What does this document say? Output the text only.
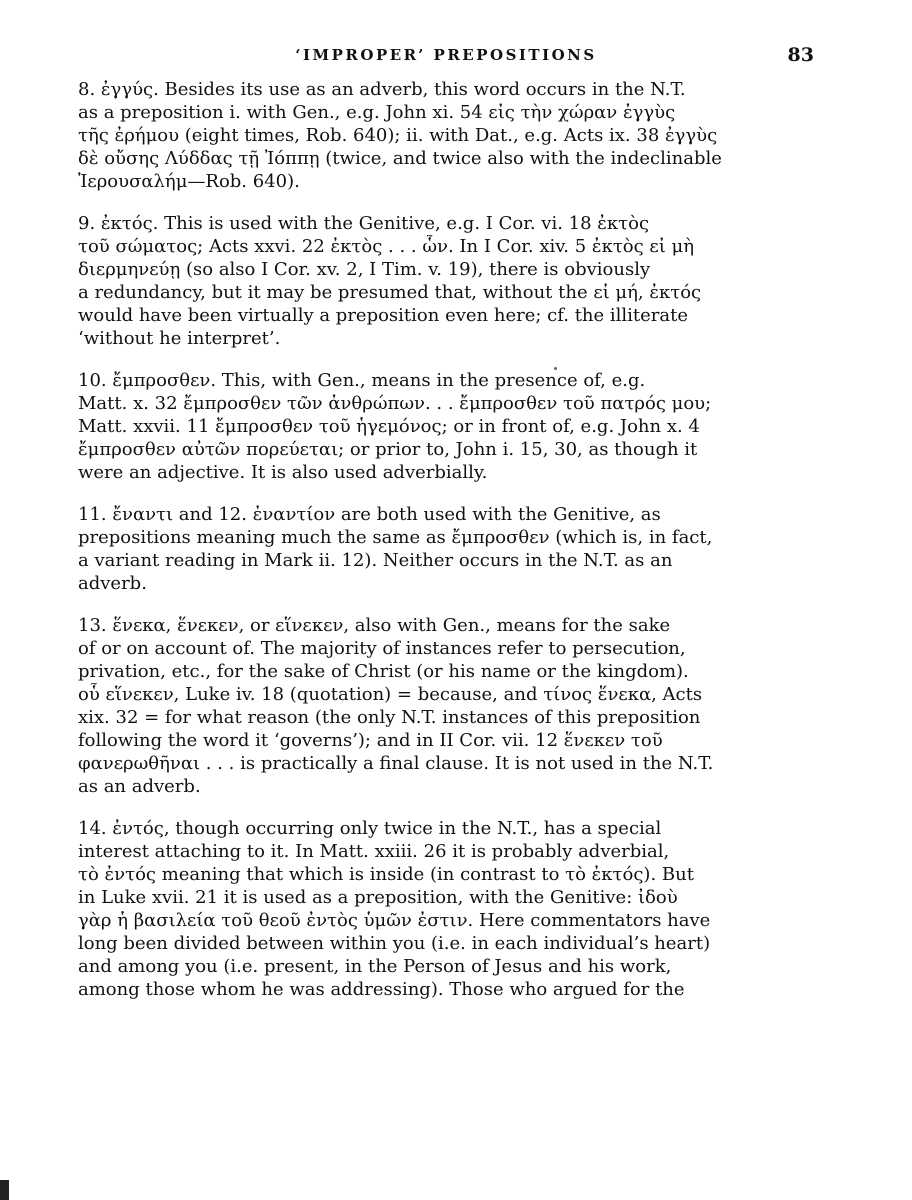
‘IMPROPER’ PREPOSITIONS	83
8. ἐγγύς. Besides its use as an adverb, this word occurs in the N.T.
as a preposition i. with Gen., e.g. John xi. 54 εἰς τὴν χώραν ἐγγὺς
τῆς ἐρήμου (eight times, Rob. 640); ii. with Dat., e.g. Acts ix. 38 ἐγγὺς
δὲ οὔσης Λύδδας τῇ Ἰόππῃ (twice, and twice also with the indeclinable
Ἰερουσαλήμ—Rob. 640).
9. ἐκτός. This is used with the Genitive, e.g. I Cor. vi. 18 ἐκτὸς
τοῦ σώματος; Acts xxvi. 22 ἐκτὸς . . . ὧν. In I Cor. xiv. 5 ἐκτὸς εἰ μὴ
διερμηνεύῃ (so also I Cor. xv. 2, I Tim. v. 19), there is obviously
a redundancy, but it may be presumed that, without the εἰ μή, ἐκτός
would have been virtually a preposition even here; cf. the illiterate
‘without he interpret’.
10. ἔμπροσθεν. This, with Gen., means in the presence of, e.g.
Matt. x. 32 ἔμπροσθεν τῶν ἀνθρώπων. . . ἔμπροσθεν τοῦ πατρός μου;
Matt. xxvii. 11 ἔμπροσθεν τοῦ ἡγεμόνος; or in front of, e.g. John x. 4
ἔμπροσθεν αὐτῶν πορεύεται; or prior to, John i. 15, 30, as though it
were an adjective. It is also used adverbially.
11. ἔναντι and 12. ἐναντίον are both used with the Genitive, as
prepositions meaning much the same as ἔμπροσθεν (which is, in fact,
a variant reading in Mark ii. 12). Neither occurs in the N.T. as an
adverb.
13. ἕνεκα, ἕνεκεν, or εἵνεκεν, also with Gen., means for the sake
of or on account of. The majority of instances refer to persecution,
privation, etc., for the sake of Christ (or his name or the kingdom).
οὗ εἵνεκεν, Luke iv. 18 (quotation) = because, and τίνος ἕνεκα, Acts
xix. 32 = for what reason (the only N.T. instances of this preposition
following the word it ‘governs’); and in II Cor. vii. 12 ἕνεκεν τοῦ
φανερωθῆναι . . . is practically a final clause. It is not used in the N.T.
as an adverb.
14. ἐντός, though occurring only twice in the N.T., has a special
interest attaching to it. In Matt. xxiii. 26 it is probably adverbial,
τὸ ἐντός meaning that which is inside (in contrast to τὸ ἐκτός). But
in Luke xvii. 21 it is used as a preposition, with the Genitive: ἰδοὺ
γὰρ ἡ βασιλεία τοῦ θεοῦ ἐντὸς ὑμῶν ἐστιν. Here commentators have
long been divided between within you (i.e. in each individual’s heart)
and among you (i.e. present, in the Person of Jesus and his work,
among those whom he was addressing). Those who argued for the
